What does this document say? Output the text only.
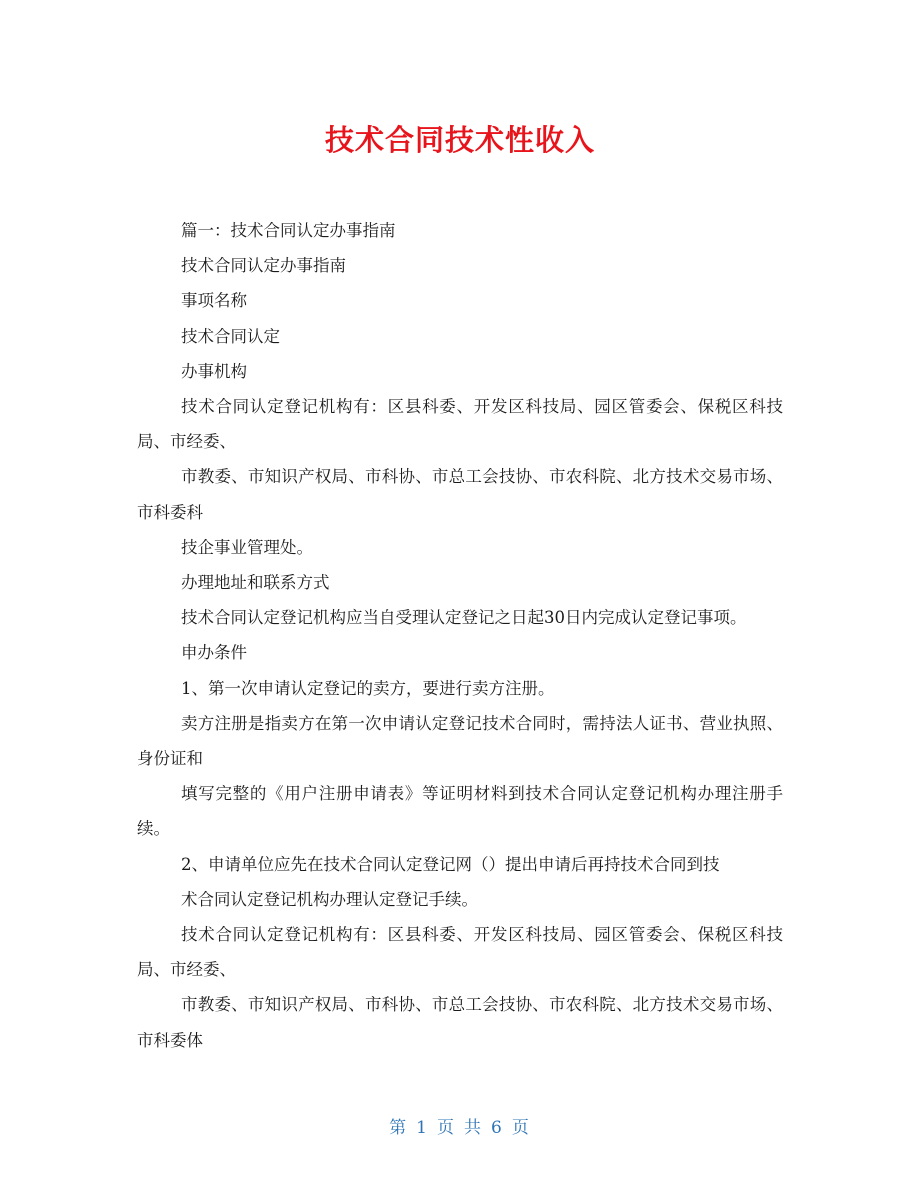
技术合同技术性收入

篇一：技术合同认定办事指南

技术合同认定办事指南

事项名称

技术合同认定

办事机构

技术合同认定登记机构有：区县科委、开发区科技局、园区管委会、保税区科技局、市经委、

市教委、市知识产权局、市科协、市总工会技协、市农科院、北方技术交易市场、市科委科

技企事业管理处。

办理地址和联系方式

技术合同认定登记机构应当自受理认定登记之日起30日内完成认定登记事项。

申办条件

1、第一次申请认定登记的卖方，要进行卖方注册。

卖方注册是指卖方在第一次申请认定登记技术合同时，需持法人证书、营业执照、身份证和

填写完整的《用户注册申请表》等证明材料到技术合同认定登记机构办理注册手续。

2、申请单位应先在技术合同认定登记网（）提出申请后再持技术合同到技

术合同认定登记机构办理认定登记手续。

技术合同认定登记机构有：区县科委、开发区科技局、园区管委会、保税区科技局、市经委、

市教委、市知识产权局、市科协、市总工会技协、市农科院、北方技术交易市场、市科委体

第 1 页 共 6 页
